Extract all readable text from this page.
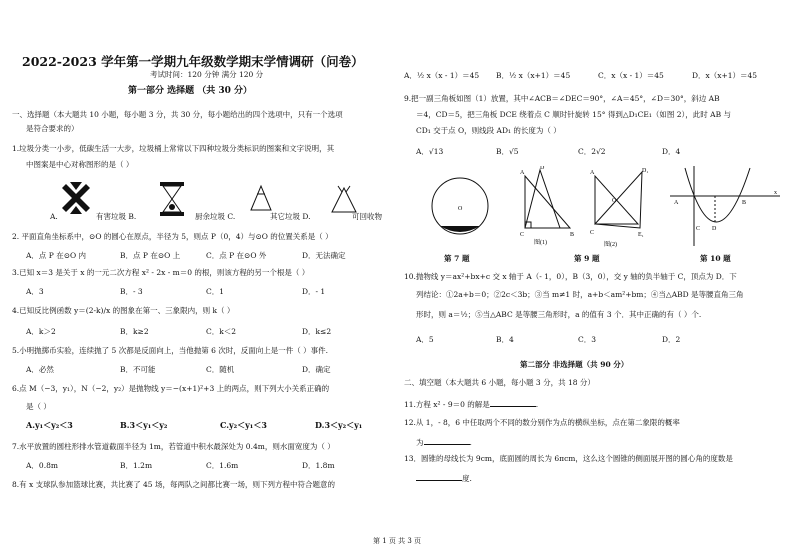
2022-2023 学年第一学期九年级数学期末学情调研（问卷）
考试时间：120 分钟 满分 120 分
第一部分 选择题 （共 30 分）
一、选择题（本大题共 10 小题，每小题 3 分，共 30 分，每小题给出的四个选项中，只有一个选项
是符合要求的）
1.垃圾分类一小步，低碳生活一大步，垃圾桶上常常以下四种垃圾分类标识的图案和文字说明，其
中图案是中心对称图形的是（ ）
A.	有害垃圾 B.	厨余垃圾 C.	其它垃圾 D.	可回收物
2. 平面直角坐标系中，⊙O 的圆心在原点，半径为 5，则点 P（0，4）与⊙O 的位置关系是（ ）
A．点 P 在⊙O 内	B．点 P 在⊙O 上	C．点 P 在⊙O 外	D．无法确定
3.已知 x＝3 是关于 x 的一元二次方程 x² - 2x - m＝0 的根，则该方程的另一个根是（ ）
A．3	B．- 3	C．1	D．- 1
4.已知反比例函数 y＝(2-k)/x 的图象在第一、三象限内，则 k（ ）
A．k＞2	B．k≥2	C．k＜2	D．k≤2
5.小明抛掷币实验，连续抛了 5 次都是反面向上，当他抛第 6 次时，反面向上是一件（ ）事件.
A．必然	B．不可能	C．随机	D．确定
6.点 M（−3，y₁），N（−2，y₂）是抛物线 y＝−(x+1)²+3 上的两点，则下列大小关系正确的
是（ ）
A.y₁＜y₂＜3	B.3＜y₁＜y₂	C.y₂＜y₁＜3	D.3＜y₂＜y₁
7.水平放置的圆柱形排水管道截面半径为 1m，若管道中积水最深处为 0.4m，则水面宽度为（ ）
A．0.8m	B．1.2m	C．1.6m	D．1.8m
8.有 x 支球队参加篮球比赛，共比赛了 45 场，每两队之间都比赛一场，则下列方程中符合题意的
A．½ x（x - 1）＝45 B．½ x（x+1）＝45	C．x（x - 1）＝45	D．x（x+1）＝45
9.把一副三角板如图（1）放置，其中∠ACB＝∠DEC＝90°，∠A＝45°，∠D＝30°，斜边 AB
＝4，CD＝5，把三角板 DCE 绕着点 C 顺时针旋转 15° 得到△D₁CE₁（如图 2），此时 AB 与
CD₁ 交于点 O，则线段 AD₁ 的长度为（ ）
A．√13	B．√5	C．2√2	D．4
O
A
D
C	B
图(1)
A	D₁
O
C	E₁
图(2)
A	B
C D
x
第 7 题	第 9 题	第 10 题
10.抛物线 y＝ax²+bx+c 交 x 轴于 A（- 1，0），B（3，0），交 y 轴的负半轴于 C，顶点为 D．下
列结论：①2a+b＝0；②2c＜3b；③当 m≠1 时，a+b＜am²+bm；④当△ABD 是等腰直角三角
形时，则 a＝½；⑤当△ABC 是等腰三角形时，a 的值有 3 个．其中正确的有（ ）个.
A．5	B．4	C．3	D．2
第二部分 非选择题（共 90 分）
二、填空题（本大题共 6 小题，每小题 3 分，共 18 分）
11.方程 x² - 9＝0 的解是	.
12.从 1，- 8，6 中任取两个不同的数分别作为点的横纵坐标，点在第二象限的概率
为	.
13．圆锥的母线长为 9cm，底面圆的周长为 6πcm，这么这个圆锥的侧面展开图的圆心角的度数是
度.
第 1 页 共 3 页
